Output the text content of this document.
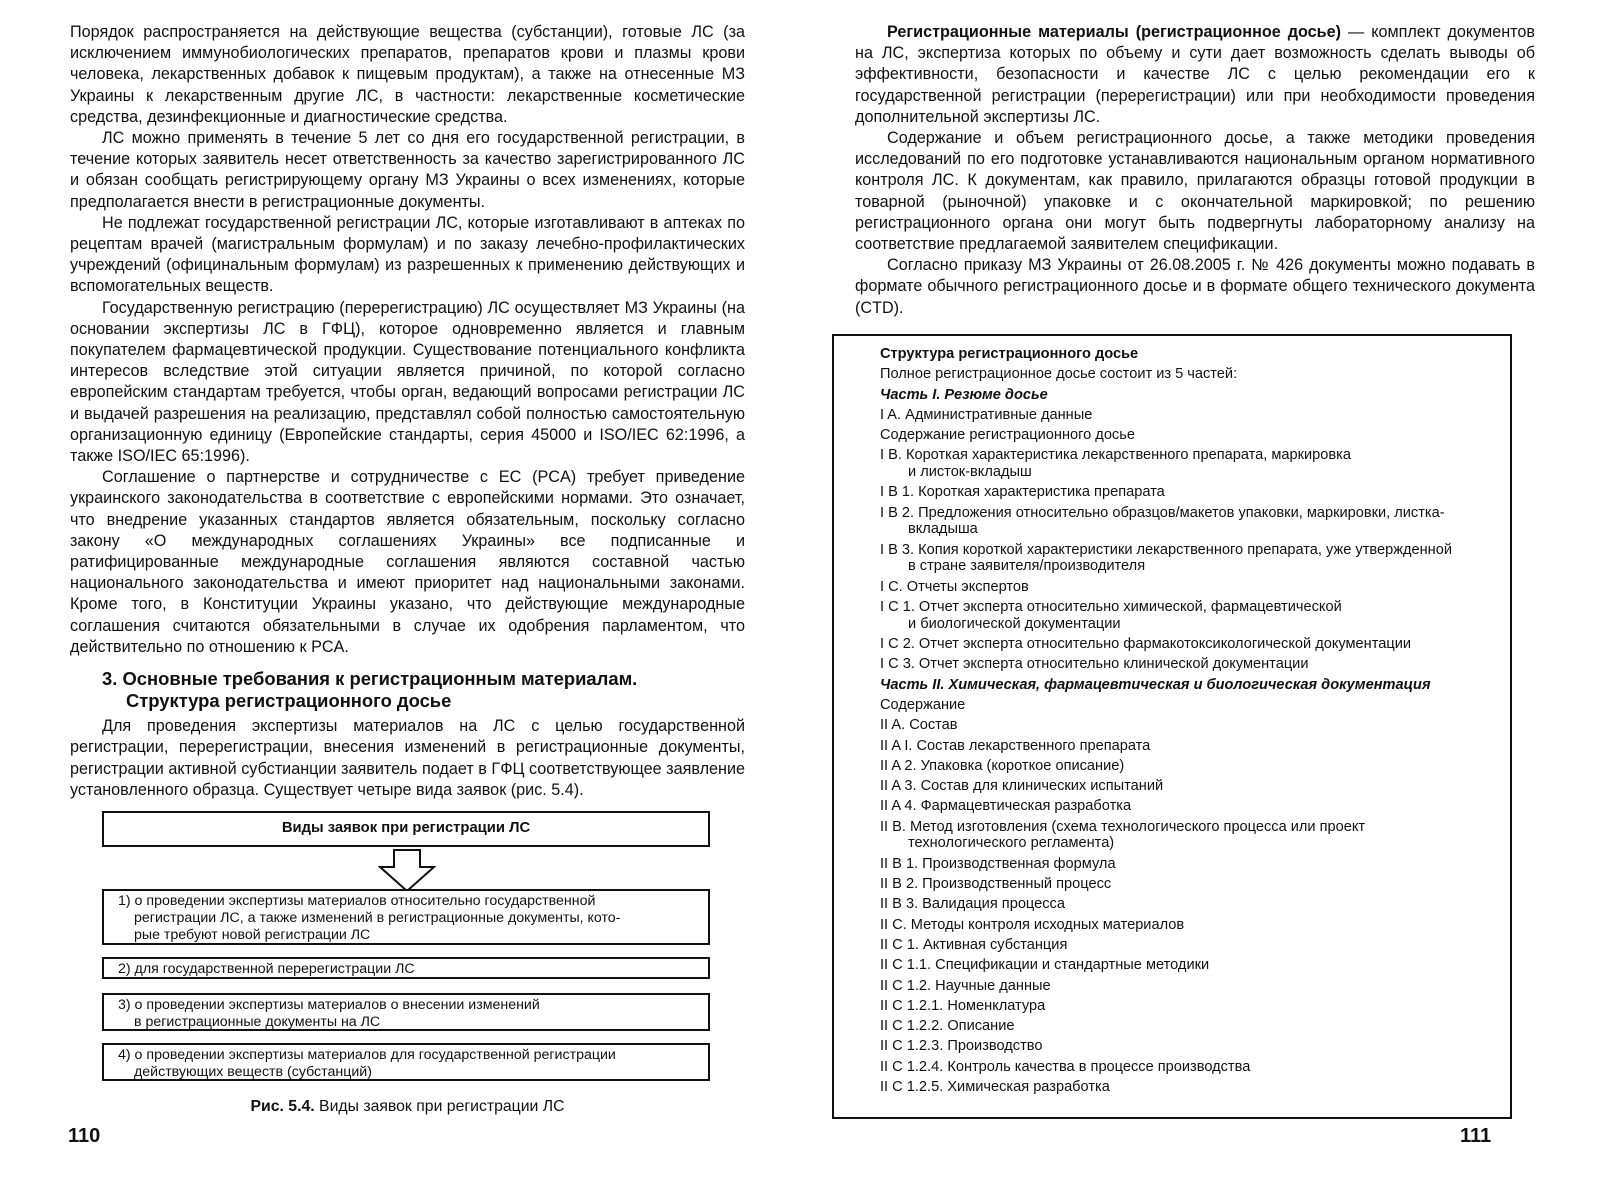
Порядок распространяется на действующие вещества (субстанции), готовые ЛС (за исключением иммунобиологических препаратов, препаратов крови и плазмы крови человека, лекарственных добавок к пищевым продуктам), а также на отнесенные МЗ Украины к лекарственным другие ЛС, в частности: лекарственные косметические средства, дезинфекционные и диагностические средства.

ЛС можно применять в течение 5 лет со дня его государственной регистрации, в течение которых заявитель несет ответственность за качество зарегистрированного ЛС и обязан сообщать регистрирующему органу МЗ Украины о всех изменениях, которые предполагается внести в регистрационные документы.

Не подлежат государственной регистрации ЛС, которые изготавливают в аптеках по рецептам врачей (магистральным формулам) и по заказу лечебно-профилактических учреждений (официнальным формулам) из разрешенных к применению действующих и вспомогательных веществ.

Государственную регистрацию (перерегистрацию) ЛС осуществляет МЗ Украины (на основании экспертизы ЛС в ГФЦ), которое одновременно является и главным покупателем фармацевтической продукции. Существование потенциального конфликта интересов вследствие этой ситуации является причиной, по которой согласно европейским стандартам требуется, чтобы орган, ведающий вопросами регистрации ЛС и выдачей разрешения на реализацию, представлял собой полностью самостоятельную организационную единицу (Европейские стандарты, серия 45000 и ISO/IEC 62:1996, а также ISO/IEC 65:1996).

Соглашение о партнерстве и сотрудничестве с ЕС (PCA) требует приведение украинского законодательства в соответствие с европейскими нормами. Это означает, что внедрение указанных стандартов является обязательным, поскольку согласно закону «О международных соглашениях Украины» все подписанные и ратифицированные международные соглашения являются составной частью национального законодательства и имеют приоритет над национальными законами. Кроме того, в Конституции Украины указано, что действующие международные соглашения считаются обязательными в случае их одобрения парламентом, что действительно по отношению к PCA.

3. Основные требования к регистрационным материалам.
Структура регистрационного досье

Для проведения экспертизы материалов на ЛС с целью государственной регистрации, перерегистрации, внесения изменений в регистрационные документы, регистрации активной субстианции заявитель подает в ГФЦ соответствующее заявление установленного образца. Существует четыре вида заявок (рис. 5.4).

Виды заявок при регистрации ЛС
1) о проведении экспертизы материалов относительно государственной
регистрации ЛС, а также изменений в регистрационные документы, кото-
рые требуют новой регистрации ЛС
2) для государственной перерегистрации ЛС
3) о проведении экспертизы материалов о внесении изменений
в регистрационные документы на ЛС
4) о проведении экспертизы материалов для государственной регистрации
действующих веществ (субстанций)
Рис. 5.4. Виды заявок при регистрации ЛС
110

Регистрационные материалы (регистрационное досье) — комплект документов на ЛС, экспертиза которых по объему и сути дает возможность сделать выводы об эффективности, безопасности и качестве ЛС с целью рекомендации его к государственной регистрации (перерегистрации) или при необходимости проведения дополнительной экспертизы ЛС.

Содержание и объем регистрационного досье, а также методики проведения исследований по его подготовке устанавливаются национальным органом нормативного контроля ЛС. К документам, как правило, прилагаются образцы готовой продукции в товарной (рыночной) упаковке и с окончательной маркировкой; по решению регистрационного органа они могут быть подвергнуты лабораторному анализу на соответствие предлагаемой заявителем спецификации.

Согласно приказу МЗ Украины от 26.08.2005 г. № 426 документы можно подавать в формате обычного регистрационного досье и в формате общего технического документа (CTD).

111

Структура регистрационного досье

Полное регистрационное досье состоит из 5 частей:

Часть I. Резюме досье

I A. Административные данные

Содержание регистрационного досье

I B. Короткая характеристика лекарственного препарата, маркировка
и листок-вкладыш

I B 1. Короткая характеристика препарата

I B 2. Предложения относительно образцов/макетов упаковки, маркировки, листка-
вкладыша

I B 3. Копия короткой характеристики лекарственного препарата, уже утвержденной
в стране заявителя/производителя

I C. Отчеты экспертов

I C 1. Отчет эксперта относительно химической, фармацевтической
и биологической документации

I C 2. Отчет эксперта относительно фармакотоксикологической документации

I C 3. Отчет эксперта относительно клинической документации

Часть II. Химическая, фармацевтическая и биологическая документация

Содержание

II A. Состав

II A I. Состав лекарственного препарата

II A 2. Упаковка (короткое описание)

II A 3. Состав для клинических испытаний

II A 4. Фармацевтическая разработка

II B. Метод изготовления (схема технологического процесса или проект
технологического регламента)

II B 1. Производственная формула

II B 2. Производственный процесс

II B 3. Валидация процесса

II C. Методы контроля исходных материалов

II C 1. Активная субстанция

II C 1.1. Спецификации и стандартные методики

II C 1.2. Научные данные

II C 1.2.1. Номенклатура

II C 1.2.2. Описание

II C 1.2.3. Производство

II C 1.2.4. Контроль качества в процессе производства

II C 1.2.5. Химическая разработка
